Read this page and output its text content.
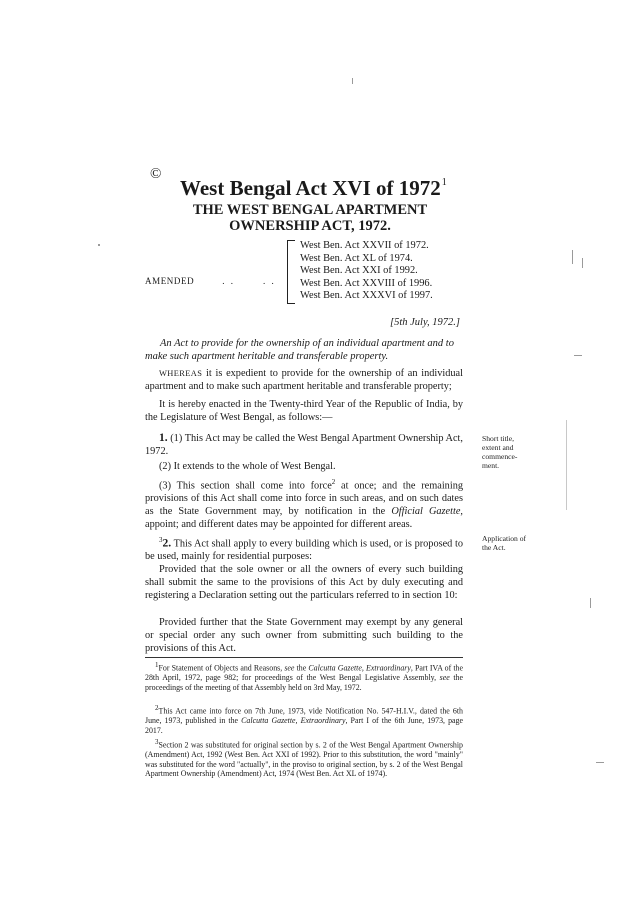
©
West Bengal Act XVI of 1972$^1$
THE WEST BENGAL APARTMENT
OWNERSHIP ACT, 1972.
AMENDED	. .	. .
West Ben. Act XXVII of 1972.
West Ben. Act XL of 1974.
West Ben. Act XXI of 1992.
West Ben. Act XXVIII of 1996.
West Ben. Act XXXVI of 1997.
[5th July, 1972.]
An Act to provide for the ownership of an individual apartment and to make such apartment heritable and transferable property.
WHEREAS it is expedient to provide for the ownership of an individual apartment and to make such apartment heritable and transferable property;
It is hereby enacted in the Twenty-third Year of the Republic of India, by the Legislature of West Bengal, as follows:—
1. (1) This Act may be called the West Bengal Apartment Ownership Act, 1972.
(2) It extends to the whole of West Bengal.
(3) This section shall come into force$^2$ at once; and the remaining provisions of this Act shall come into force in such areas, and on such dates as the State Government may, by notification in the Official Gazette, appoint; and different dates may be appointed for different areas.
Short title, extent and commence-ment.
$^3$2. This Act shall apply to every building which is used, or is proposed to be used, mainly for residential purposes:
Provided that the sole owner or all the owners of every such building shall submit the same to the provisions of this Act by duly executing and registering a Declaration setting out the particulars referred to in section 10:
Provided further that the State Government may exempt by any general or special order any such owner from submitting such building to the provisions of this Act.
Application of the Act.
$^1$For Statement of Objects and Reasons, see the Calcutta Gazette, Extraordinary, Part IVA of the 28th April, 1972, page 982; for proceedings of the West Bengal Legislative Assembly, see the proceedings of the meeting of that Assembly held on 3rd May, 1972.
$^2$This Act came into force on 7th June, 1973, vide Notification No. 547-H.I.V., dated the 6th June, 1973, published in the Calcutta Gazette, Extraordinary, Part I of the 6th June, 1973, page 2017.
$^3$Section 2 was substituted for original section by s. 2 of the West Bengal Apartment Ownership (Amendment) Act, 1992 (West Ben. Act XXI of 1992). Prior to this substitution, the word "mainly" was substituted for the word "actually", in the proviso to original section, by s. 2 of the West Bengal Apartment Ownership (Amendment) Act, 1974 (West Ben. Act XL of 1974).
